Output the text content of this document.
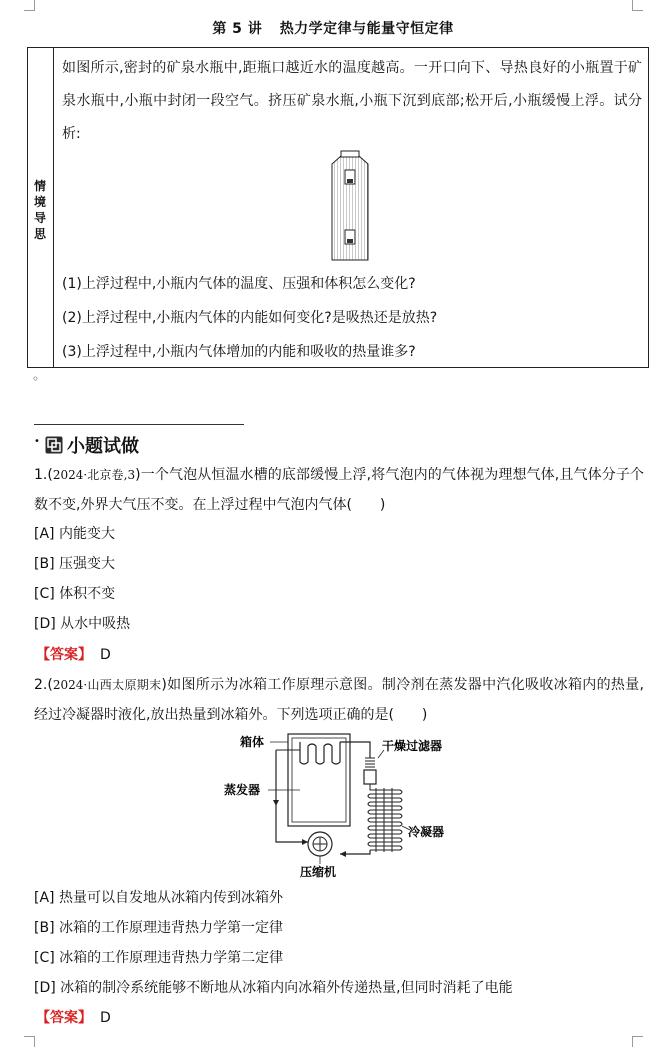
第 5 讲 热力学定律与能量守恒定律
情境导思

如图所示,密封的矿泉水瓶中,距瓶口越近水的温度越高。一开口向下、导热良好的小瓶置于矿泉水瓶中,小瓶中封闭一段空气。挤压矿泉水瓶,小瓶下沉到底部;松开后,小瓶缓慢上浮。试分析:

(1)上浮过程中,小瓶内气体的温度、压强和体积怎么变化?
(2)上浮过程中,小瓶内气体的内能如何变化?是吸热还是放热?
(3)上浮过程中,小瓶内气体增加的内能和吸收的热量谁多?
◦
• 小题试做
1.(2024·北京卷,3)一个气泡从恒温水槽的底部缓慢上浮,将气泡内的气体视为理想气体,且气体分子个数不变,外界大气压不变。在上浮过程中气泡内气体(　　)
[A] 内能变大
[B] 压强变大
[C] 体积不变
[D] 从水中吸热
【答案】 D
2.(2024·山西太原期末)如图所示为冰箱工作原理示意图。制冷剂在蒸发器中汽化吸收冰箱内的热量,经过冷凝器时液化,放出热量到冰箱外。下列选项正确的是(　　)
箱体	干燥过滤器
蒸发器
冷凝器
压缩机
[A] 热量可以自发地从冰箱内传到冰箱外
[B] 冰箱的工作原理违背热力学第一定律
[C] 冰箱的工作原理违背热力学第二定律
[D] 冰箱的制冷系统能够不断地从冰箱内向冰箱外传递热量,但同时消耗了电能
【答案】 D
